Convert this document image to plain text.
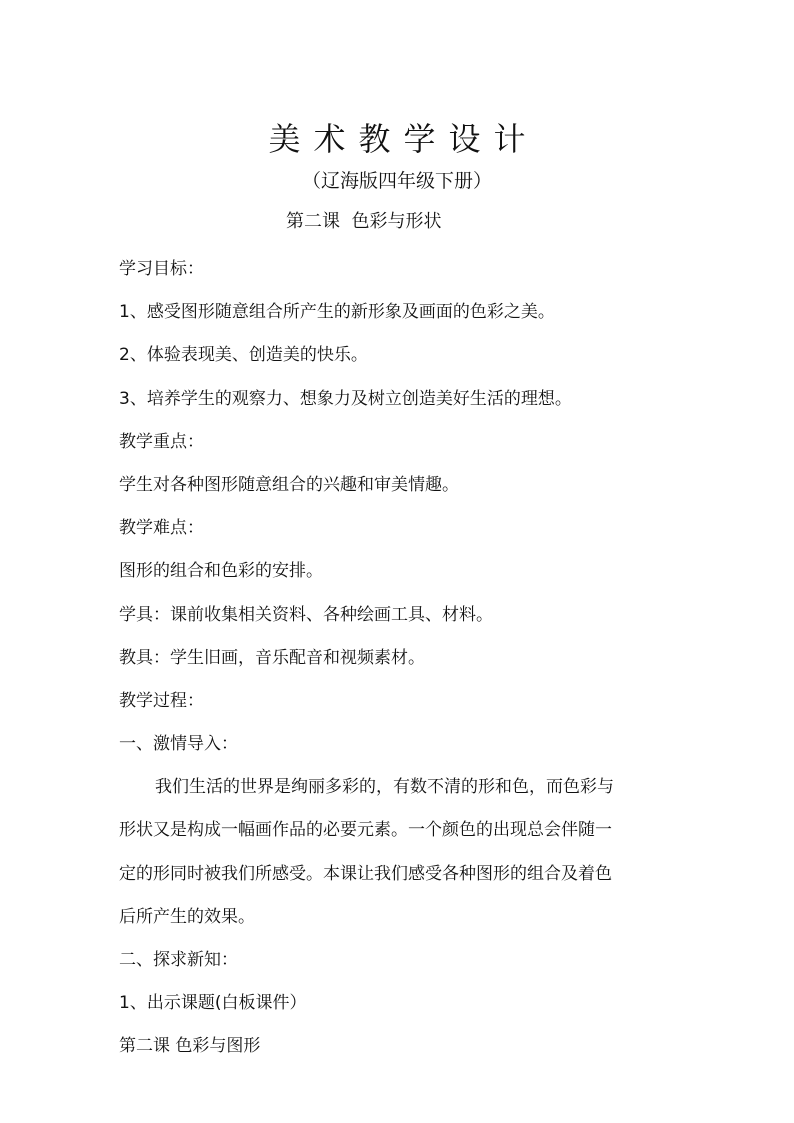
美术教学设计

（辽海版四年级下册）

第二课  色彩与形状

学习目标：

1、感受图形随意组合所产生的新形象及画面的色彩之美。

2、体验表现美、创造美的快乐。

3、培养学生的观察力、想象力及树立创造美好生活的理想。

教学重点：

学生对各种图形随意组合的兴趣和审美情趣。

教学难点：

图形的组合和色彩的安排。

学具：课前收集相关资料、各种绘画工具、材料。

教具：学生旧画，音乐配音和视频素材。

教学过程：

一、激情导入：

我们生活的世界是绚丽多彩的，有数不清的形和色，而色彩与

形状又是构成一幅画作品的必要元素。一个颜色的出现总会伴随一

定的形同时被我们所感受。本课让我们感受各种图形的组合及着色

后所产生的效果。

二、探求新知：

1、出示课题(白板课件）

第二课 色彩与图形
